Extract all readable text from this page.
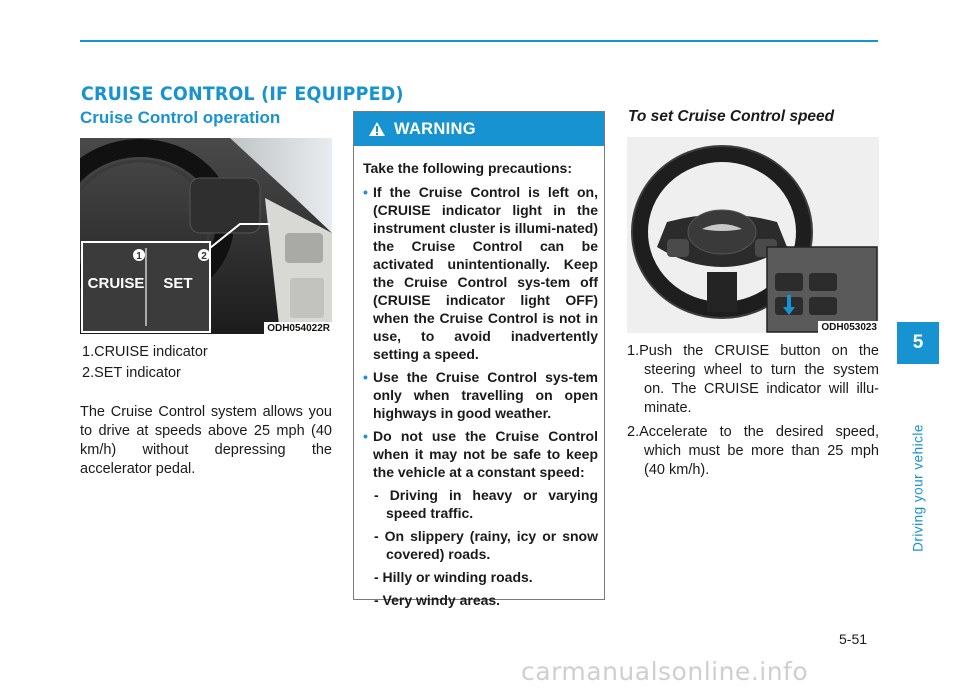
CRUISE CONTROL (IF EQUIPPED)
Cruise Control operation
1	2
CRUISE SET
ODH054022R
1.CRUISE indicator
2.SET indicator
The Cruise Control system allows you to drive at speeds above 25 mph (40 km/h) without depressing the accelerator pedal.
WARNING

Take the following precautions:

• If the Cruise Control is left on, (CRUISE indicator light in the instrument cluster is illumi-nated) the Cruise Control can be activated unintentionally. Keep the Cruise Control sys-tem off (CRUISE indicator light OFF) when the Cruise Control is not in use, to avoid inadvertently setting a speed.
• Use the Cruise Control sys-tem only when travelling on open highways in good weather.
• Do not use the Cruise Control when it may not be safe to keep the vehicle at a constant speed:
- Driving in heavy or varying speed traffic.
- On slippery (rainy, icy or snow covered) roads.
- Hilly or winding roads.
- Very windy areas.
To set Cruise Control speed
ODH053023
1.Push the CRUISE button on the steering wheel to turn the system on. The CRUISE indicator will illu-minate.
2.Accelerate to the desired speed, which must be more than 25 mph (40 km/h).
5
Driving your vehicle
5-51
carmanualsonline.info
